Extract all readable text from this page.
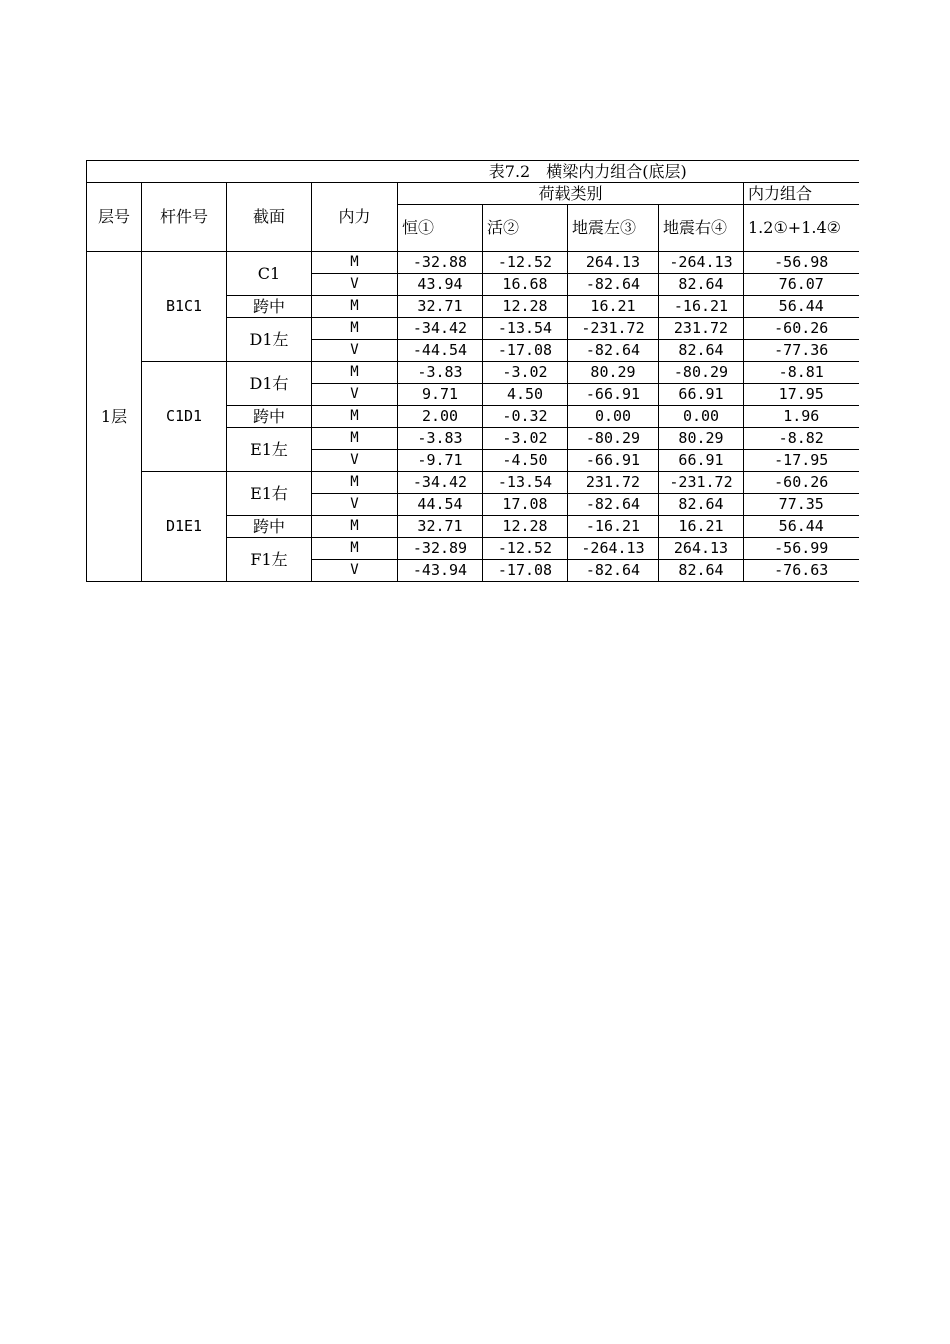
表7.2　横梁内力组合(底层)								
层号	杆件号	截面	内力	荷载类别				内力组合
				恒①	活②	地震左③	地震右④	1.2①+1.4②
1层	B1C1	C1	M	-32.88	-12.52	264.13	-264.13	-56.98
			V	43.94	16.68	-82.64	82.64	76.07
		跨中	M	32.71	12.28	16.21	-16.21	56.44
		D1左	M	-34.42	-13.54	-231.72	231.72	-60.26
			V	-44.54	-17.08	-82.64	82.64	-77.36
	C1D1	D1右	M	-3.83	-3.02	80.29	-80.29	-8.81
			V	9.71	4.50	-66.91	66.91	17.95
		跨中	M	2.00	-0.32	0.00	0.00	1.96
		E1左	M	-3.83	-3.02	-80.29	80.29	-8.82
			V	-9.71	-4.50	-66.91	66.91	-17.95
	D1E1	E1右	M	-34.42	-13.54	231.72	-231.72	-60.26
			V	44.54	17.08	-82.64	82.64	77.35
		跨中	M	32.71	12.28	-16.21	16.21	56.44
		F1左	M	-32.89	-12.52	-264.13	264.13	-56.99
			V	-43.94	-17.08	-82.64	82.64	-76.63
